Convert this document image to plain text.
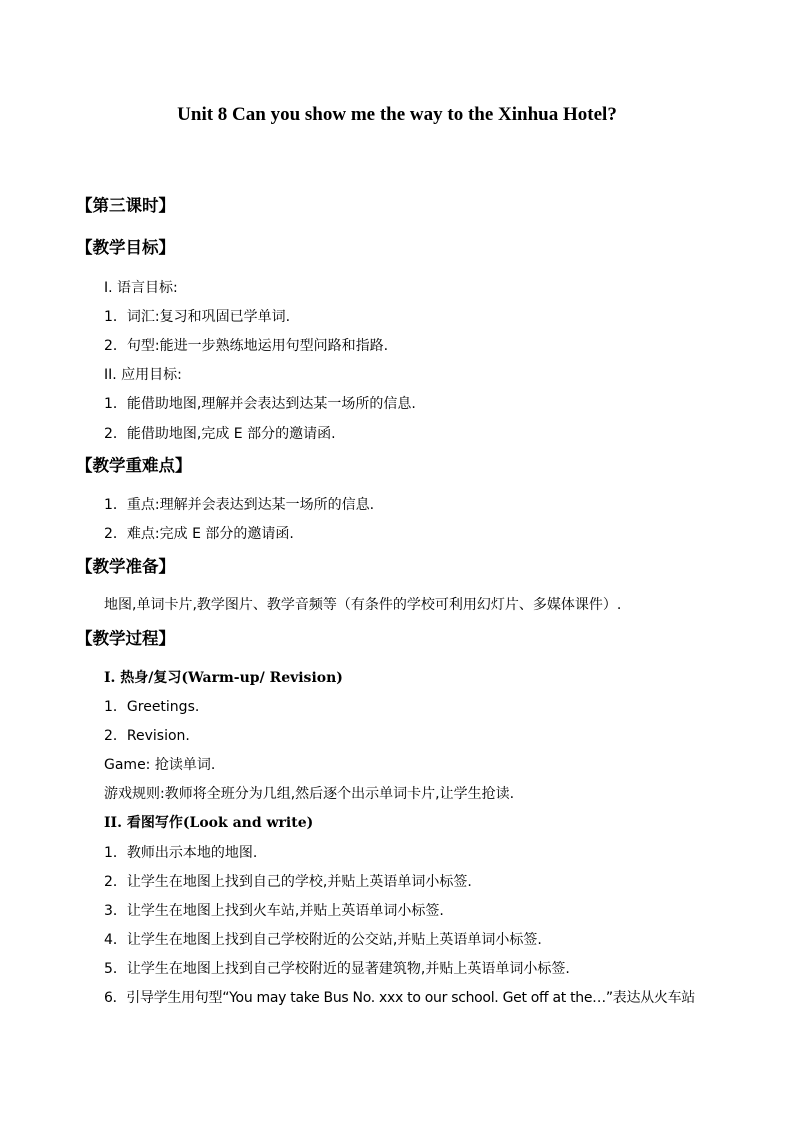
Unit 8 Can you show me the way to the Xinhua Hotel?
【第三课时】
【教学目标】
I. 语言目标:
1．词汇:复习和巩固已学单词.
2．句型:能进一步熟练地运用句型问路和指路.
II. 应用目标:
1．能借助地图,理解并会表达到达某一场所的信息.
2．能借助地图,完成 E 部分的邀请函.
【教学重难点】
1．重点:理解并会表达到达某一场所的信息.
2．难点:完成 E 部分的邀请函.
【教学准备】
地图,单词卡片,教学图片、教学音频等（有条件的学校可利用幻灯片、多媒体课件）.
【教学过程】
I. 热身/复习(Warm-up/ Revision)
1．Greetings.
2．Revision.
Game: 抢读单词.
游戏规则:教师将全班分为几组,然后逐个出示单词卡片,让学生抢读.
II. 看图写作(Look and write)
1．教师出示本地的地图.
2．让学生在地图上找到自己的学校,并贴上英语单词小标签.
3．让学生在地图上找到火车站,并贴上英语单词小标签.
4．让学生在地图上找到自己学校附近的公交站,并贴上英语单词小标签.
5．让学生在地图上找到自己学校附近的显著建筑物,并贴上英语单词小标签.
6．引导学生用句型“You may take Bus No. xxx to our school. Get off at the…”表达从火车站
